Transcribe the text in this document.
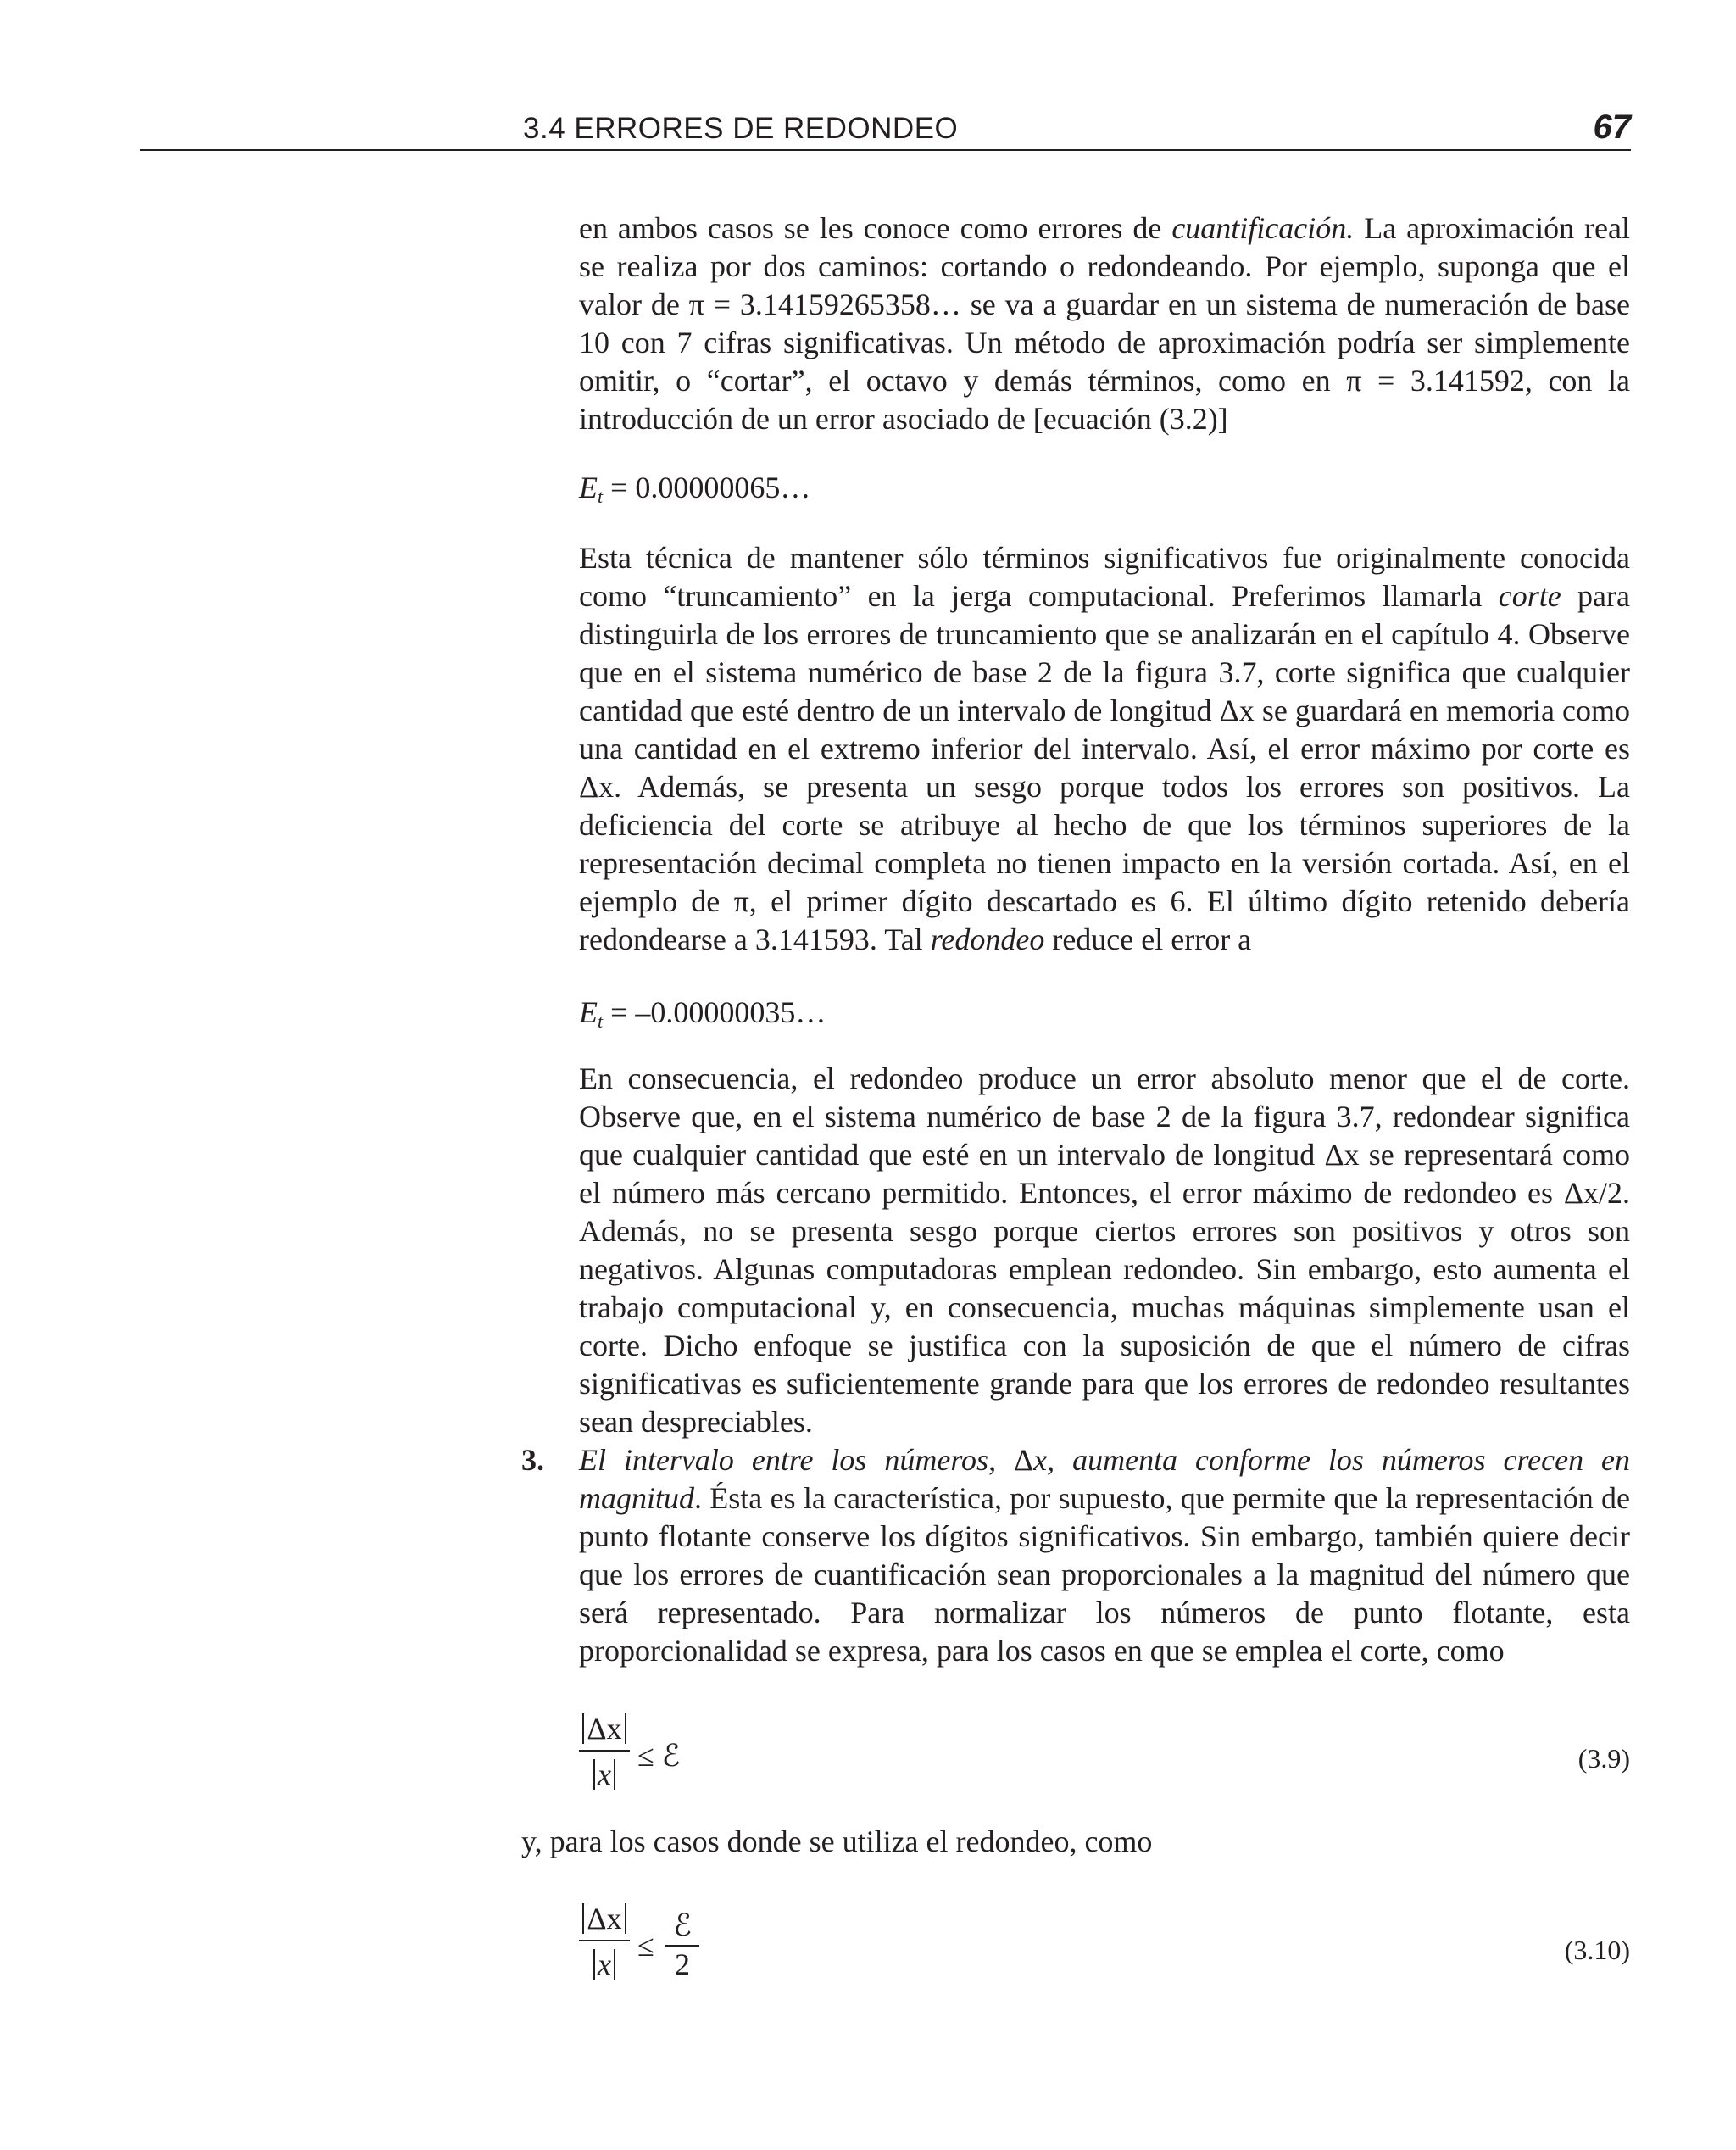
3.4 ERRORES DE REDONDEO	67

en ambos casos se les conoce como errores de cuantificación. La aproximación real se realiza por dos caminos: cortando o redondeando. Por ejemplo, suponga que el valor de π = 3.14159265358… se va a guardar en un sistema de numeración de base 10 con 7 cifras significativas. Un método de aproximación podría ser simplemente omitir, o “cortar”, el octavo y demás términos, como en π = 3.141592, con la introducción de un error asociado de [ecuación (3.2)]

$E_t$ = 0.00000065…

Esta técnica de mantener sólo términos significativos fue originalmente conocida como “truncamiento” en la jerga computacional. Preferimos llamarla corte para distinguirla de los errores de truncamiento que se analizarán en el capítulo 4. Observe que en el sistema numérico de base 2 de la figura 3.7, corte significa que cualquier cantidad que esté dentro de un intervalo de longitud Δx se guardará en memoria como una cantidad en el extremo inferior del intervalo. Así, el error máximo por corte es Δx. Además, se presenta un sesgo porque todos los errores son positivos. La deficiencia del corte se atribuye al hecho de que los términos superiores de la representación decimal completa no tienen impacto en la versión cortada. Así, en el ejemplo de π, el primer dígito descartado es 6. El último dígito retenido debería redondearse a 3.141593. Tal redondeo reduce el error a

$E_t$ = –0.00000035…

En consecuencia, el redondeo produce un error absoluto menor que el de corte. Observe que, en el sistema numérico de base 2 de la figura 3.7, redondear significa que cualquier cantidad que esté en un intervalo de longitud Δx se representará como el número más cercano permitido. Entonces, el error máximo de redondeo es Δx/2. Además, no se presenta sesgo porque ciertos errores son positivos y otros son negativos. Algunas computadoras emplean redondeo. Sin embargo, esto aumenta el trabajo computacional y, en consecuencia, muchas máquinas simplemente usan el corte. Dicho enfoque se justifica con la suposición de que el número de cifras significativas es suficientemente grande para que los errores de redondeo resultantes sean despreciables.

3. El intervalo entre los números, Δx, aumenta conforme los números crecen en magnitud. Ésta es la característica, por supuesto, que permite que la representación de punto flotante conserve los dígitos significativos. Sin embargo, también quiere decir que los errores de cuantificación sean proporcionales a la magnitud del número que será representado. Para normalizar los números de punto flotante, esta proporcionalidad se expresa, para los casos en que se emplea el corte, como

$\frac{\Delta x}{x}$ ≤ ℰ	(3.9)
y, para los casos donde se utiliza el redondeo, como
$\frac{\Delta x}{x}$ ≤
ℰ
2	(3.10)
